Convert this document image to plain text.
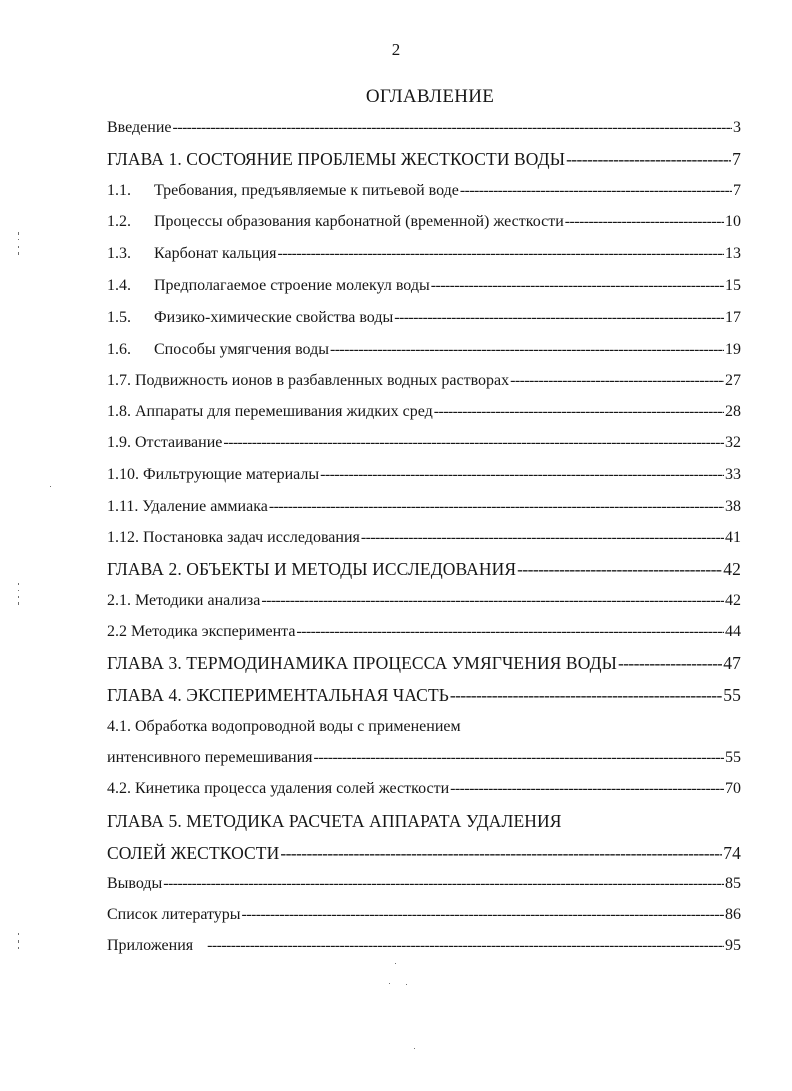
2
ОГЛАВЛЕНИЕ
Введение -----	3
ГЛАВА 1. СОСТОЯНИЕ ПРОБЛЕМЫ ЖЕСТКОСТИ ВОДЫ -----	7
1.1.	Требования, предъявляемые к питьевой воде -----	7
1.2.	Процессы образования карбонатной (временной) жесткости -----	10
1.3.	Карбонат кальция -----	13
1.4.	Предполагаемое строение молекул воды -----	15
1.5.	Физико-химические свойства воды -----	17
1.6.	Способы умягчения воды -----	19
1.7. Подвижность ионов в разбавленных водных растворах -----	27
1.8. Аппараты для перемешивания жидких сред -----	28
1.9. Отстаивание -----	32
1.10. Фильтрующие материалы -----	33
1.11. Удаление аммиака -----	38
1.12. Постановка задач исследования -----	41
ГЛАВА 2. ОБЪЕКТЫ И МЕТОДЫ ИССЛЕДОВАНИЯ -----	42
2.1. Методики анализа -----	42
2.2 Методика эксперимента -----	44
ГЛАВА 3. ТЕРМОДИНАМИКА ПРОЦЕССА УМЯГЧЕНИЯ ВОДЫ -----	47
ГЛАВА 4. ЭКСПЕРИМЕНТАЛЬНАЯ ЧАСТЬ -----	55
4.1. Обработка водопроводной воды с применением
интенсивного перемешивания -----	55
4.2. Кинетика процесса удаления солей жесткости -----	70
ГЛАВА 5. МЕТОДИКА РАСЧЕТА АППАРАТА УДАЛЕНИЯ
СОЛЕЙ ЖЕСТКОСТИ -----	74
Выводы -----	85
Список литературы -----	86
Приложения -----	95
